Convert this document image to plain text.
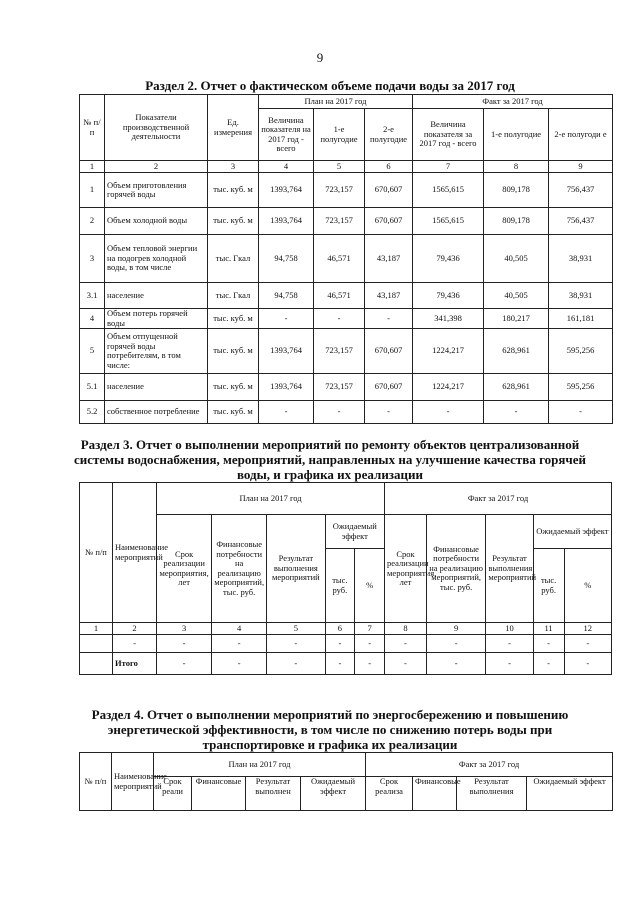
9
Раздел 2. Отчет о фактическом объеме подачи воды за 2017 год
№ п/п	Показатели производственной деятельности	Ед. измерения	План на 2017 год			Факт за 2017 год		
			Величина показателя на 2017 год - всего	1-е полугодие	2-е полугодие	Величина показателя за 2017 год - всего	1-е полугодие	2-е полугоди е
1	2	3	4	5	6	7	8	9
1	Объем приготовления горячей воды	тыс. куб. м	1393,764	723,157	670,607	1565,615	809,178	756,437
2	Объем холодной воды	тыс. куб. м	1393,764	723,157	670,607	1565,615	809,178	756,437
3	Объем тепловой энергии на подогрев холодной воды, в том числе	тыс. Гкал	94,758	46,571	43,187	79,436	40,505	38,931
3.1	население	тыс. Гкал	94,758	46,571	43,187	79,436	40,505	38,931
4	Объем потерь горячей воды	тыс. куб. м	-	-	-	341,398	180,217	161,181
5	Объем отпущенной горячей воды потребителям, в том числе:	тыс. куб. м	1393,764	723,157	670,607	1224,217	628,961	595,256
5.1	население	тыс. куб. м	1393,764	723,157	670,607	1224,217	628,961	595,256
5.2	собственное потребление	тыс. куб. м	-	-	-	-	-	-
Раздел 3. Отчет о выполнении мероприятий по ремонту объектов централизованной системы водоснабжения, мероприятий, направленных на улучшение качества горячей воды, и графика их реализации
№ п/п	Наименование мероприятий	План на 2017 год					Факт за 2017 год				
		Срок реализации мероприятия, лет	Финансовые потребности на реализацию мероприятий, тыс. руб.	Результат выполнения мероприятий	Ожидаемый эффект		Срок реализации мероприятия, лет	Финансовые потребности на реализацию мероприятий, тыс. руб.	Результат выполнения мероприятий	Ожидаемый эффект	
					тыс. руб.	%				тыс. руб.	%
1	2	3	4	5	6	7	8	9	10	11	12
	-	-	-	-	-	-	-	-	-	-	-
	Итого	-	-	-	-	-	-	-	-	-	-
Раздел 4. Отчет о выполнении мероприятий по энергосбережению и повышению энергетической эффективности, в том числе по снижению потерь воды при транспортировке и графика их реализации
№ п/п	Наименование мероприятий	План на 2017 год				Факт за 2017 год			
		Срок реали	Финансовые	Результат выполнен	Ожидаемый эффект	Срок реализа	Финансовые	Результат выполнения	Ожидаемый эффект
